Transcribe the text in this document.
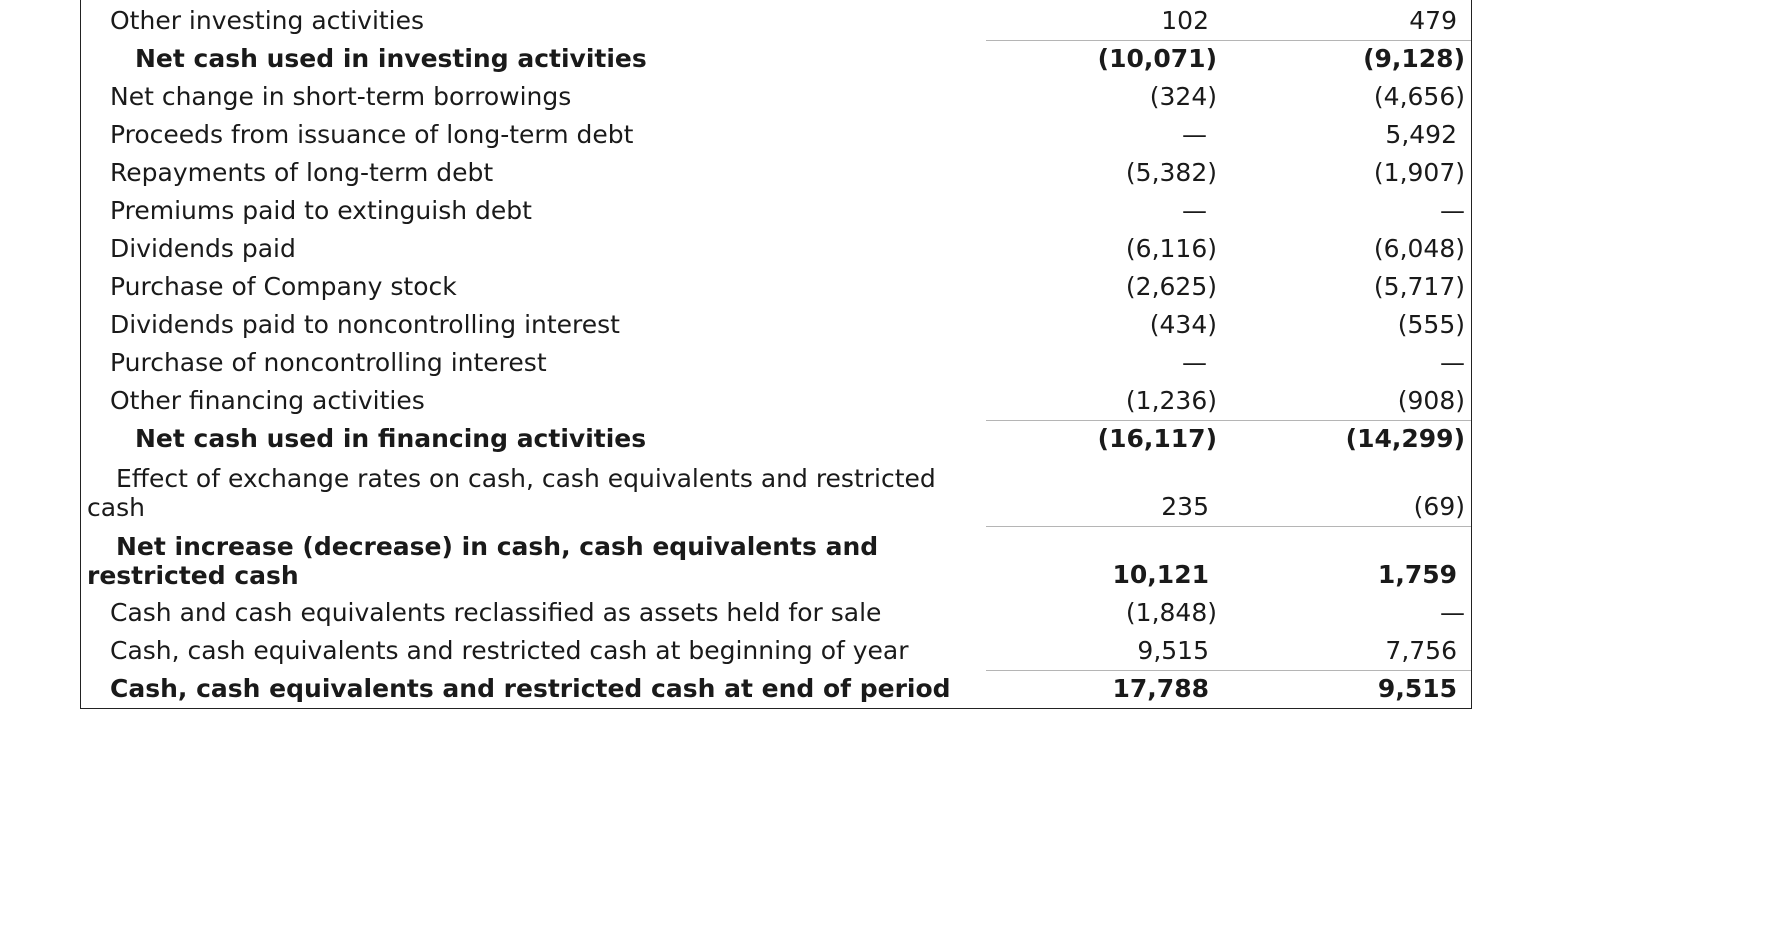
Other investing activities	102	479
Net cash used in investing activities	(10,071)	(9,128)
Net change in short-term borrowings	(324)	(4,656)
Proceeds from issuance of long-term debt	—	5,492
Repayments of long-term debt	(5,382)	(1,907)
Premiums paid to extinguish debt	—	—
Dividends paid	(6,116)	(6,048)
Purchase of Company stock	(2,625)	(5,717)
Dividends paid to noncontrolling interest	(434)	(555)
Purchase of noncontrolling interest	—	—
Other financing activities	(1,236)	(908)
Net cash used in financing activities	(16,117)	(14,299)
Effect of exchange rates on cash, cash equivalents and restricted cash	235	(69)
Net increase (decrease) in cash, cash equivalents and restricted cash	10,121	1,759
Cash and cash equivalents reclassified as assets held for sale	(1,848)	—
Cash, cash equivalents and restricted cash at beginning of year	9,515	7,756
Cash, cash equivalents and restricted cash at end of period	17,788	9,515
